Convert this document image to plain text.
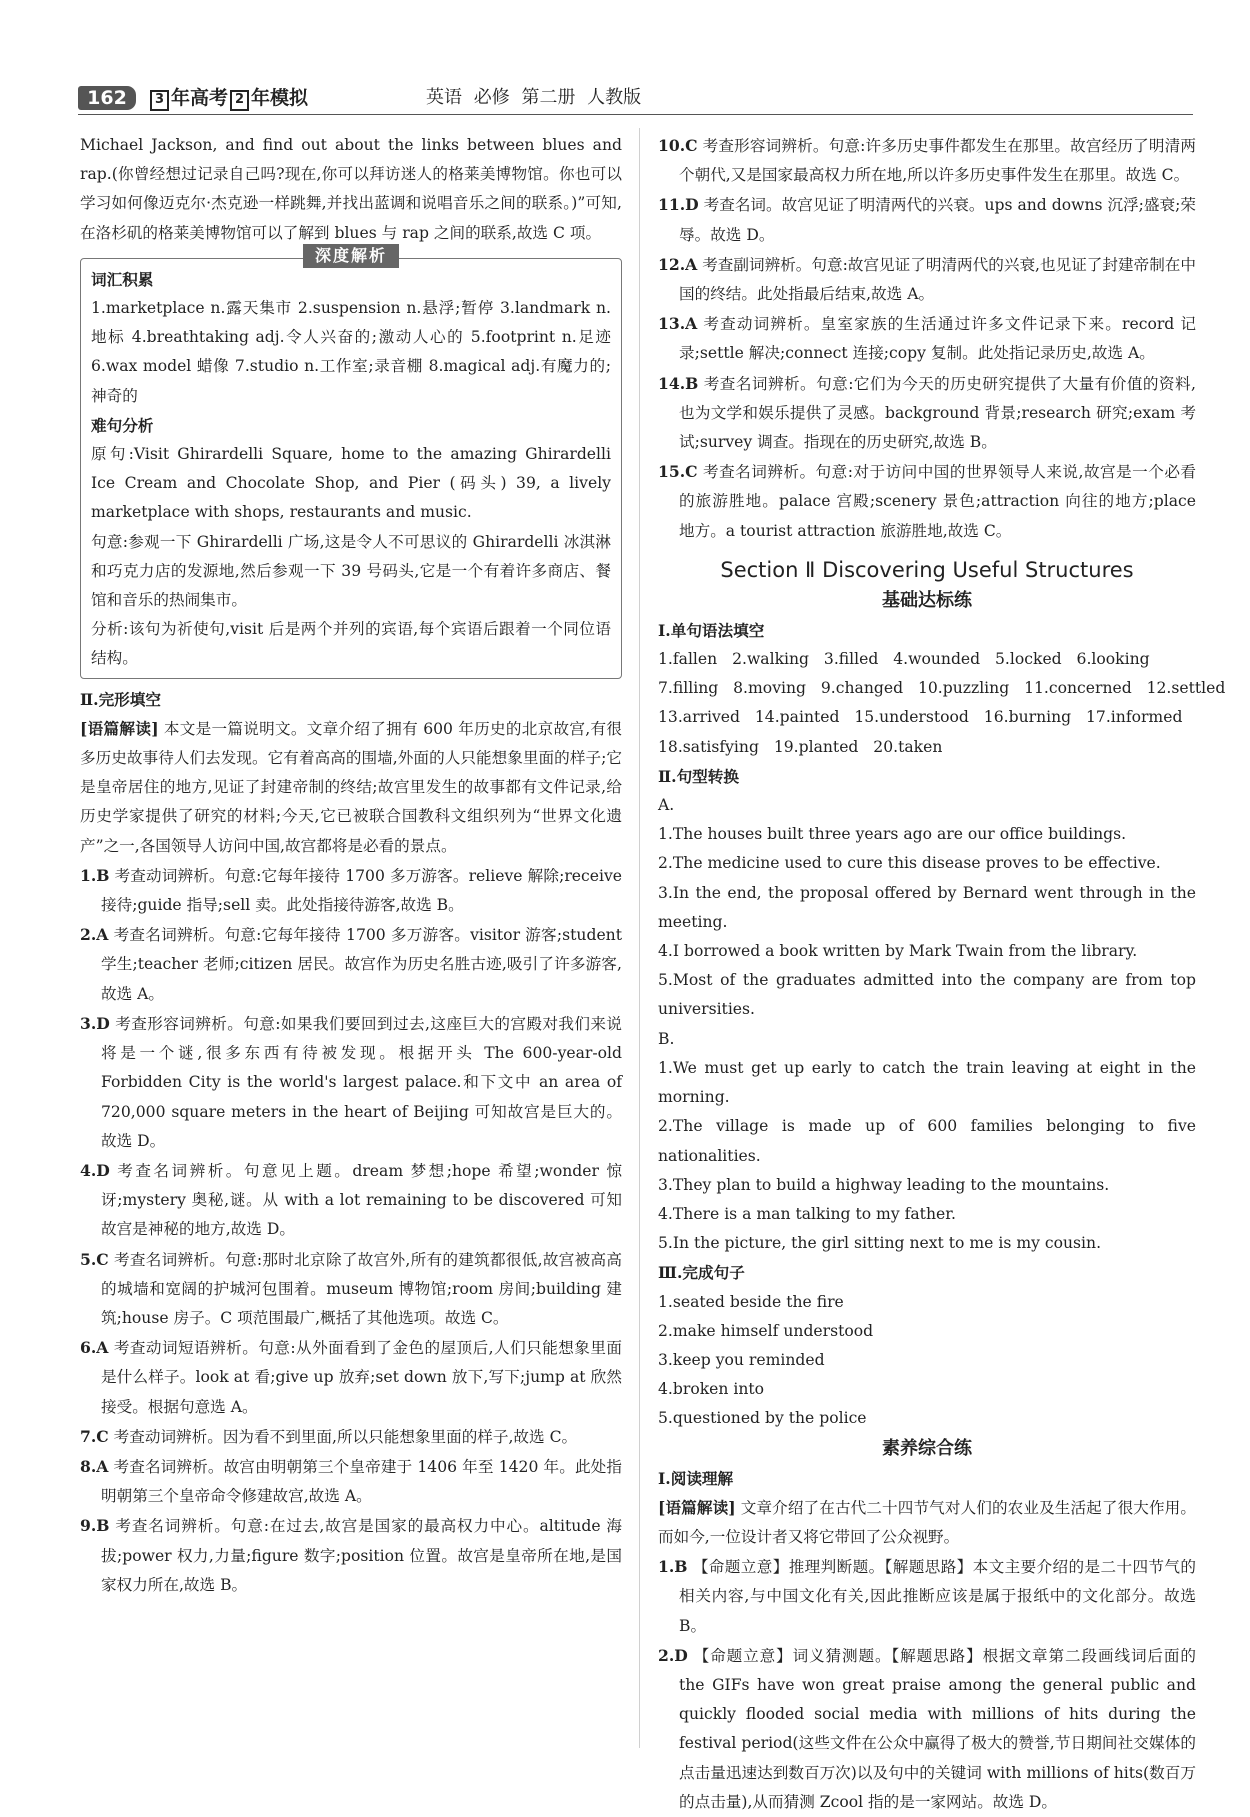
162	3 年高考 2 年模拟	英语 必修 第二册 人教版

Michael Jackson, and find out about the links between blues and rap.(你曾经想过记录自己吗?现在,你可以拜访迷人的格莱美博物馆。你也可以学习如何像迈克尔·杰克逊一样跳舞,并找出蓝调和说唱音乐之间的联系。)”可知,在洛杉矶的格莱美博物馆可以了解到 blues 与 rap 之间的联系,故选 C 项。

深度解析

词汇积累

1.marketplace n.露天集市 2.suspension n.悬浮;暂停 3.landmark n.地标 4.breathtaking adj.令人兴奋的;激动人心的 5.footprint n.足迹 6.wax model 蜡像 7.studio n.工作室;录音棚 8.magical adj.有魔力的;神奇的

难句分析

原句:Visit Ghirardelli Square, home to the amazing Ghirardelli Ice Cream and Chocolate Shop, and Pier (码头) 39, a lively marketplace with shops, restaurants and music.

句意:参观一下 Ghirardelli 广场,这是令人不可思议的 Ghirardelli 冰淇淋和巧克力店的发源地,然后参观一下 39 号码头,它是一个有着许多商店、餐馆和音乐的热闹集市。

分析:该句为祈使句,visit 后是两个并列的宾语,每个宾语后跟着一个同位语结构。

Ⅱ.完形填空

[语篇解读] 本文是一篇说明文。文章介绍了拥有 600 年历史的北京故宫,有很多历史故事待人们去发现。它有着高高的围墙,外面的人只能想象里面的样子;它是皇帝居住的地方,见证了封建帝制的终结;故宫里发生的故事都有文件记录,给历史学家提供了研究的材料;今天,它已被联合国教科文组织列为“世界文化遗产”之一,各国领导人访问中国,故宫都将是必看的景点。

1.B 考查动词辨析。句意:它每年接待 1700 多万游客。relieve 解除;receive 接待;guide 指导;sell 卖。此处指接待游客,故选 B。

2.A 考查名词辨析。句意:它每年接待 1700 多万游客。visitor 游客;student 学生;teacher 老师;citizen 居民。故宫作为历史名胜古迹,吸引了许多游客,故选 A。

3.D 考查形容词辨析。句意:如果我们要回到过去,这座巨大的宫殿对我们来说将是一个谜,很多东西有待被发现。根据开头 The 600-year-old Forbidden City is the world's largest palace.和下文中 an area of 720,000 square meters in the heart of Beijing 可知故宫是巨大的。故选 D。

4.D 考查名词辨析。句意见上题。dream 梦想;hope 希望;wonder 惊讶;mystery 奥秘,谜。从 with a lot remaining to be discovered 可知故宫是神秘的地方,故选 D。

5.C 考查名词辨析。句意:那时北京除了故宫外,所有的建筑都很低,故宫被高高的城墙和宽阔的护城河包围着。museum 博物馆;room 房间;building 建筑;house 房子。C 项范围最广,概括了其他选项。故选 C。

6.A 考查动词短语辨析。句意:从外面看到了金色的屋顶后,人们只能想象里面是什么样子。look at 看;give up 放弃;set down 放下,写下;jump at 欣然接受。根据句意选 A。

7.C 考查动词辨析。因为看不到里面,所以只能想象里面的样子,故选 C。

8.A 考查名词辨析。故宫由明朝第三个皇帝建于 1406 年至 1420 年。此处指明朝第三个皇帝命令修建故宫,故选 A。

9.B 考查名词辨析。句意:在过去,故宫是国家的最高权力中心。altitude 海拔;power 权力,力量;figure 数字;position 位置。故宫是皇帝所在地,是国家权力所在,故选 B。

10.C 考查形容词辨析。句意:许多历史事件都发生在那里。故宫经历了明清两个朝代,又是国家最高权力所在地,所以许多历史事件发生在那里。故选 C。

11.D 考查名词。故宫见证了明清两代的兴衰。ups and downs 沉浮;盛衰;荣辱。故选 D。

12.A 考查副词辨析。句意:故宫见证了明清两代的兴衰,也见证了封建帝制在中国的终结。此处指最后结束,故选 A。

13.A 考查动词辨析。皇室家族的生活通过许多文件记录下来。record 记录;settle 解决;connect 连接;copy 复制。此处指记录历史,故选 A。

14.B 考查名词辨析。句意:它们为今天的历史研究提供了大量有价值的资料,也为文学和娱乐提供了灵感。background 背景;research 研究;exam 考试;survey 调查。指现在的历史研究,故选 B。

15.C 考查名词辨析。句意:对于访问中国的世界领导人来说,故宫是一个必看的旅游胜地。palace 宫殿;scenery 景色;attraction 向往的地方;place 地方。a tourist attraction 旅游胜地,故选 C。

Section Ⅱ Discovering Useful Structures
基础达标练

Ⅰ.单句语法填空

1.fallen   2.walking   3.filled   4.wounded   5.locked   6.looking

7.filling   8.moving   9.changed   10.puzzling   11.concerned   12.settled

13.arrived   14.painted   15.understood   16.burning   17.informed

18.satisfying   19.planted   20.taken

Ⅱ.句型转换

A.

1.The houses built three years ago are our office buildings.

2.The medicine used to cure this disease proves to be effective.

3.In the end, the proposal offered by Bernard went through in the meeting.

4.I borrowed a book written by Mark Twain from the library.

5.Most of the graduates admitted into the company are from top universities.

B.

1.We must get up early to catch the train leaving at eight in the morning.

2.The village is made up of 600 families belonging to five nationalities.

3.They plan to build a highway leading to the mountains.

4.There is a man talking to my father.

5.In the picture, the girl sitting next to me is my cousin.

Ⅲ.完成句子

1.seated beside the fire

2.make himself understood

3.keep you reminded

4.broken into

5.questioned by the police

素养综合练

Ⅰ.阅读理解

[语篇解读] 文章介绍了在古代二十四节气对人们的农业及生活起了很大作用。而如今,一位设计者又将它带回了公众视野。

1.B 【命题立意】推理判断题。【解题思路】本文主要介绍的是二十四节气的相关内容,与中国文化有关,因此推断应该是属于报纸中的文化部分。故选 B。

2.D 【命题立意】词义猜测题。【解题思路】根据文章第二段画线词后面的 the GIFs have won great praise among the general public and quickly flooded social media with millions of hits during the festival period(这些文件在公众中赢得了极大的赞誉,节日期间社交媒体的点击量迅速达到数百万次)以及句中的关键词 with millions of hits(数百万的点击量),从而猜测 Zcool 指的是一家网站。故选 D。
